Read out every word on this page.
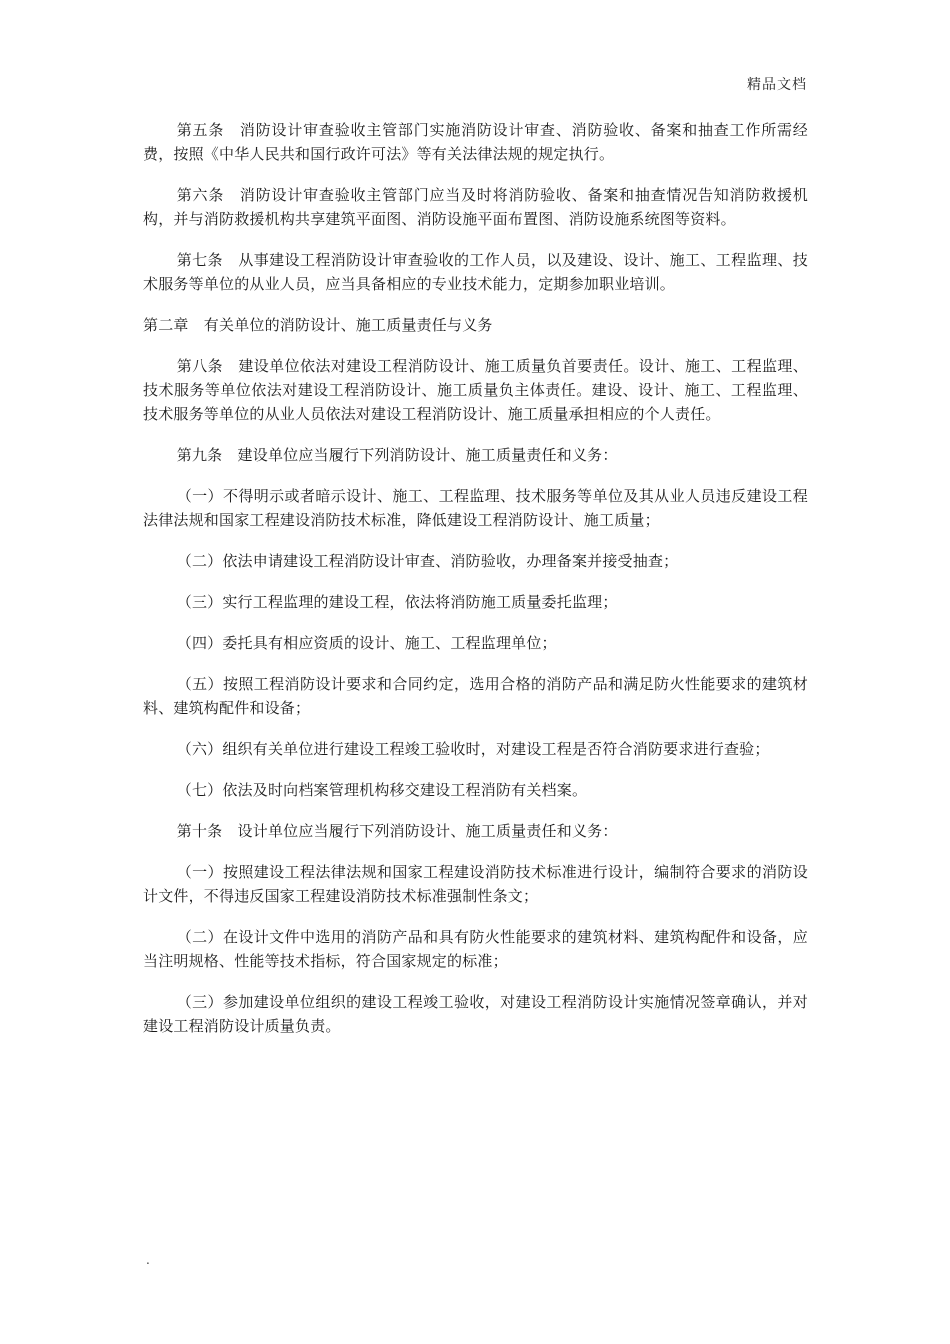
精品文档

第五条　消防设计审查验收主管部门实施消防设计审查、消防验收、备案和抽查工作所需经费，按照《中华人民共和国行政许可法》等有关法律法规的规定执行。

第六条　消防设计审查验收主管部门应当及时将消防验收、备案和抽查情况告知消防救援机构，并与消防救援机构共享建筑平面图、消防设施平面布置图、消防设施系统图等资料。

第七条　从事建设工程消防设计审查验收的工作人员，以及建设、设计、施工、工程监理、技术服务等单位的从业人员，应当具备相应的专业技术能力，定期参加职业培训。

第二章　有关单位的消防设计、施工质量责任与义务

第八条　建设单位依法对建设工程消防设计、施工质量负首要责任。设计、施工、工程监理、技术服务等单位依法对建设工程消防设计、施工质量负主体责任。建设、设计、施工、工程监理、技术服务等单位的从业人员依法对建设工程消防设计、施工质量承担相应的个人责任。

第九条　建设单位应当履行下列消防设计、施工质量责任和义务：

（一）不得明示或者暗示设计、施工、工程监理、技术服务等单位及其从业人员违反建设工程法律法规和国家工程建设消防技术标准，降低建设工程消防设计、施工质量；

（二）依法申请建设工程消防设计审查、消防验收，办理备案并接受抽查；

（三）实行工程监理的建设工程，依法将消防施工质量委托监理；

（四）委托具有相应资质的设计、施工、工程监理单位；

（五）按照工程消防设计要求和合同约定，选用合格的消防产品和满足防火性能要求的建筑材料、建筑构配件和设备；

（六）组织有关单位进行建设工程竣工验收时，对建设工程是否符合消防要求进行查验；

（七）依法及时向档案管理机构移交建设工程消防有关档案。

第十条　设计单位应当履行下列消防设计、施工质量责任和义务：

（一）按照建设工程法律法规和国家工程建设消防技术标准进行设计，编制符合要求的消防设计文件，不得违反国家工程建设消防技术标准强制性条文；

（二）在设计文件中选用的消防产品和具有防火性能要求的建筑材料、建筑构配件和设备，应当注明规格、性能等技术指标，符合国家规定的标准；

（三）参加建设单位组织的建设工程竣工验收，对建设工程消防设计实施情况签章确认，并对建设工程消防设计质量负责。

.
